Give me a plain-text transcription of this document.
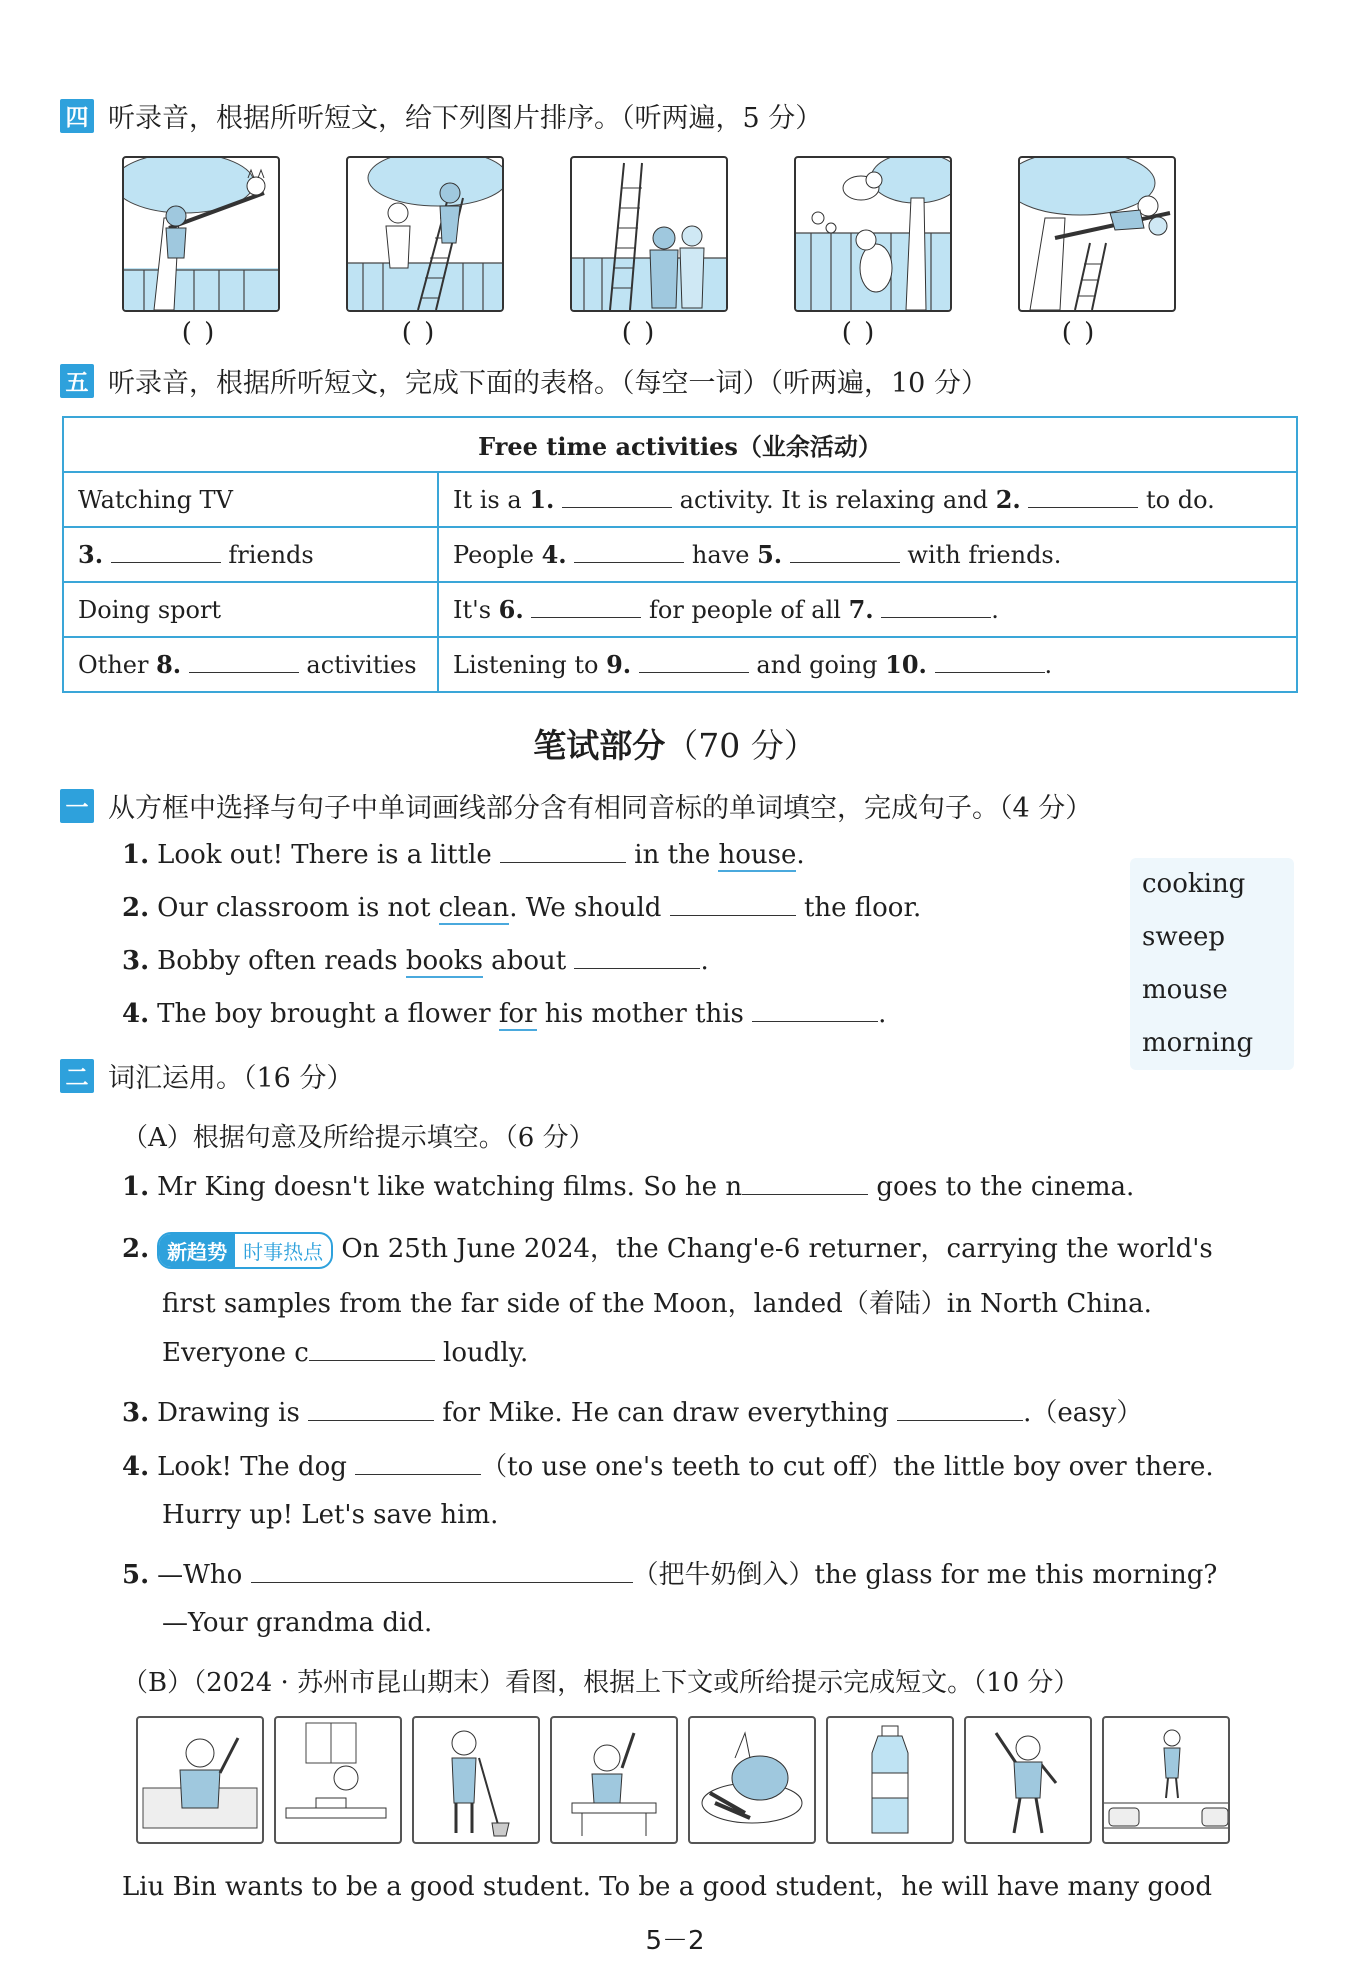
四 听录音，根据所听短文，给下列图片排序。（听两遍，5 分）
( )	( )	( )	( )	( )
五 听录音，根据所听短文，完成下面的表格。（每空一词）（听两遍，10 分）
Free time activities（业余活动）	
Watching TV	It is a 1. activity. It is relaxing and 2. to do.
3. friends	People 4. have 5. with friends.
Doing sport	It's 6. for people of all 7. .
Other 8. activities	Listening to 9. and going 10. .
笔试部分（70 分）
一 从方框中选择与句子中单词画线部分含有相同音标的单词填空，完成句子。（4 分）
1. Look out! There is a little	in the house.
2. Our classroom is not clean. We should	the floor.
3. Bobby often reads books about	.
4. The boy brought a flower for his mother this	.
cooking
sweep
mouse
morning
二 词汇运用。（16 分）
（A）根据句意及所给提示填空。（6 分）
1. Mr King doesn't like watching films. So he n	goes to the cinema.
2. 新趋势 时事热点 On 25th June 2024，the Chang'e-6 returner，carrying the world's
first samples from the far side of the Moon，landed（着陆）in North China.
Everyone c	loudly.
3. Drawing is	for Mike. He can draw everything	.（easy）
4. Look! The dog	（to use one's teeth to cut off）the little boy over there.
Hurry up! Let's save him.
5. —Who	（把牛奶倒入）the glass for me this morning?
—Your grandma did.
（B）（2024 · 苏州市昆山期末）看图，根据上下文或所给提示完成短文。（10 分）
Liu Bin wants to be a good student. To be a good student，he will have many good
5－2
